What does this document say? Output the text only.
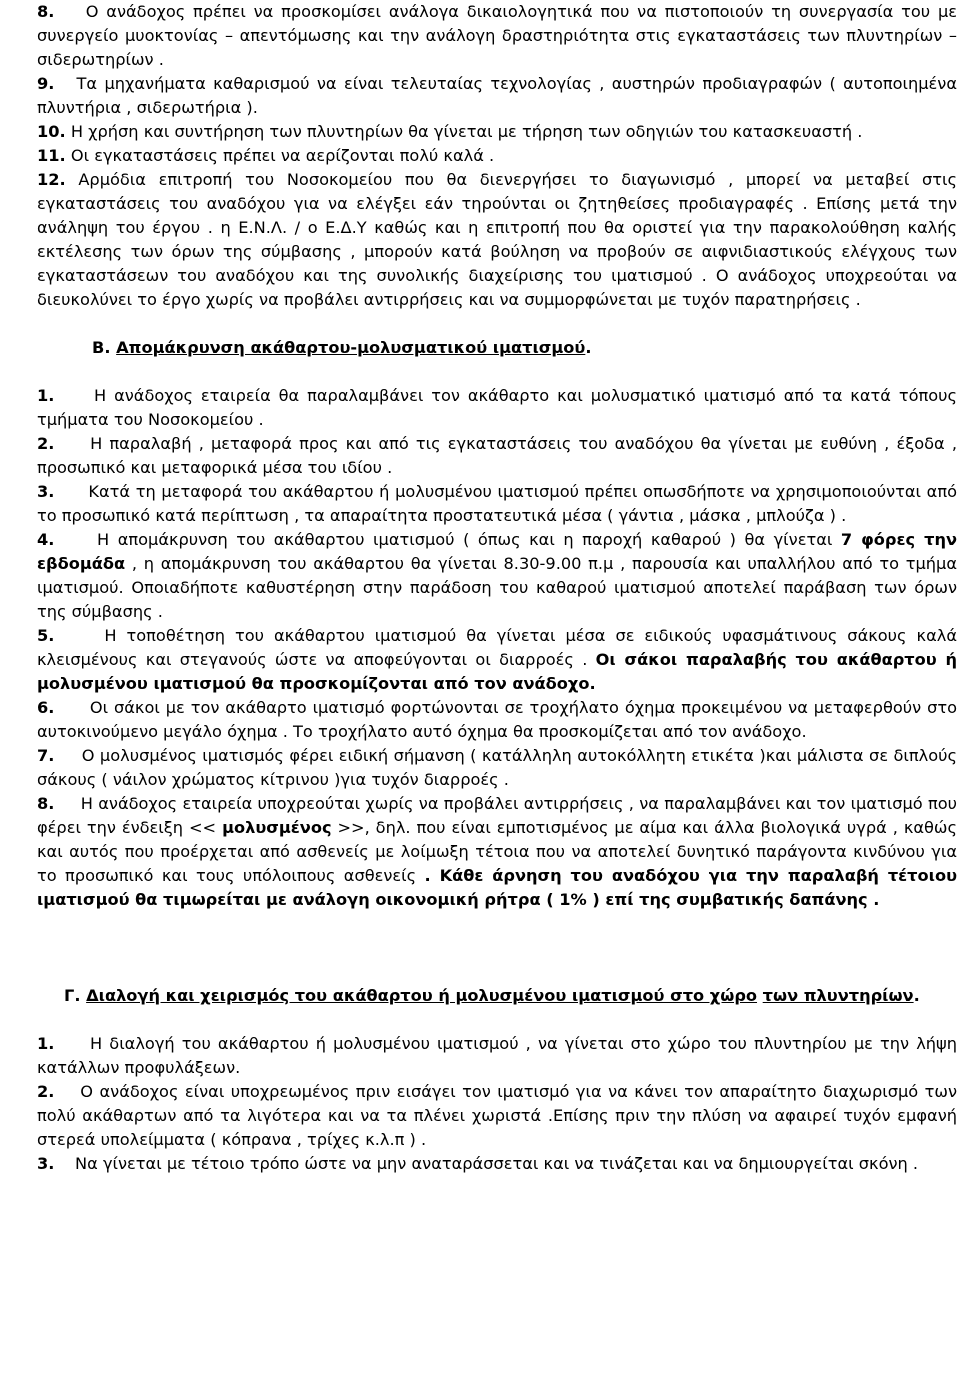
8. Ο ανάδοχος πρέπει να προσκομίσει ανάλογα δικαιολογητικά που να πιστοποιούν τη συνεργασία του με συνεργείο μυοκτονίας – απεντόμωσης και την ανάλογη δραστηριότητα στις εγκαταστάσεις των πλυντηρίων – σιδερωτηρίων .

9. Τα μηχανήματα καθαρισμού να είναι τελευταίας τεχνολογίας , αυστηρών προδιαγραφών ( αυτοποιημένα πλυντήρια , σιδερωτήρια ).

10. Η χρήση και συντήρηση των πλυντηρίων θα γίνεται με τήρηση των οδηγιών του κατασκευαστή .

11. Οι εγκαταστάσεις πρέπει να αερίζονται πολύ καλά .

12. Αρμόδια επιτροπή του Νοσοκομείου που θα διενεργήσει το διαγωνισμό , μπορεί να μεταβεί στις εγκαταστάσεις του αναδόχου για να ελέγξει εάν τηρούνται οι ζητηθείσες προδιαγραφές . Επίσης μετά την ανάληψη του έργου . η Ε.Ν.Λ. / ο Ε.Δ.Υ καθώς και η επιτροπή που θα οριστεί για την παρακολούθηση καλής εκτέλεσης των όρων της σύμβασης , μπορούν κατά βούληση να προβούν σε αιφνιδιαστικούς ελέγχους των εγκαταστάσεων του αναδόχου και της συνολικής διαχείρισης του ιματισμού . Ο ανάδοχος υποχρεούται να διευκολύνει το έργο χωρίς να προβάλει αντιρρήσεις και να συμμορφώνεται με τυχόν παρατηρήσεις .

Β. Απομάκρυνση ακάθαρτου-μολυσματικού ιματισμού.

1. Η ανάδοχος εταιρεία θα παραλαμβάνει τον ακάθαρτο και μολυσματικό ιματισμό από τα κατά τόπους τμήματα του Νοσοκομείου .

2. Η παραλαβή , μεταφορά προς και από τις εγκαταστάσεις του αναδόχου θα γίνεται με ευθύνη , έξοδα , προσωπικό και μεταφορικά μέσα του ιδίου .

3. Κατά τη μεταφορά του ακάθαρτου ή μολυσμένου ιματισμού πρέπει οπωσδήποτε να χρησιμοποιούνται από το προσωπικό κατά περίπτωση , τα απαραίτητα προστατευτικά μέσα ( γάντια , μάσκα , μπλούζα ) .

4.	Η απομάκρυνση του ακάθαρτου ιματισμού ( όπως και η παροχή καθαρού ) θα γίνεται 7 φόρες την εβδομάδα , η απομάκρυνση του ακάθαρτου θα γίνεται 8.30-9.00 π.μ , παρουσία και υπαλλήλου από το τμήμα ιματισμού. Οποιαδήποτε καθυστέρηση στην παράδοση του καθαρού ιματισμού αποτελεί παράβαση των όρων της σύμβασης .

5.	Η τοποθέτηση του ακάθαρτου ιματισμού θα γίνεται μέσα σε ειδικούς υφασμάτινους σάκους καλά κλεισμένους και στεγανούς ώστε να αποφεύγονται οι διαρροές . Οι σάκοι παραλαβής του ακάθαρτου ή μολυσμένου ιματισμού θα προσκομίζονται από τον ανάδοχο.

6. Οι σάκοι με τον ακάθαρτο ιματισμό φορτώνονται σε τροχήλατο όχημα προκειμένου να μεταφερθούν στο αυτοκινούμενο μεγάλο όχημα . Το τροχήλατο αυτό όχημα θα προσκομίζεται από τον ανάδοχο.

7. Ο μολυσμένος ιματισμός φέρει ειδική σήμανση ( κατάλληλη αυτοκόλλητη ετικέτα )και μάλιστα σε διπλούς σάκους ( νάιλον χρώματος κίτρινου )για τυχόν διαρροές .

8. Η ανάδοχος εταιρεία υποχρεούται χωρίς να προβάλει αντιρρήσεις , να παραλαμβάνει και τον ιματισμό που φέρει την ένδειξη << μολυσμένος >>, δηλ. που είναι εμποτισμένος με αίμα και άλλα βιολογικά υγρά , καθώς και αυτός που προέρχεται από ασθενείς με λοίμωξη τέτοια που να αποτελεί δυνητικό παράγοντα κινδύνου για το προσωπικό και τους υπόλοιπους ασθενείς . Κάθε άρνηση του αναδόχου για την παραλαβή τέτοιου ιματισμού θα τιμωρείται με ανάλογη οικονομική ρήτρα ( 1% ) επί της συμβατικής δαπάνης .

Γ. Διαλογή και χειρισμός του ακάθαρτου ή μολυσμένου ιματισμού στο χώρο των πλυντηρίων.

1. Η διαλογή του ακάθαρτου ή μολυσμένου ιματισμού , να γίνεται στο χώρο του πλυντηρίου με την λήψη κατάλλων προφυλάξεων.

2. Ο ανάδοχος είναι υποχρεωμένος πριν εισάγει τον ιματισμό για να κάνει τον απαραίτητο διαχωρισμό των πολύ ακάθαρτων από τα λιγότερα και να τα πλένει χωριστά .Επίσης πριν την πλύση να αφαιρεί τυχόν εμφανή στερεά υπολείμματα ( κόπρανα , τρίχες κ.λ.π ) .

3. Να γίνεται με τέτοιο τρόπο ώστε να μην αναταράσσεται και να τινάζεται και να δημιουργείται σκόνη .
